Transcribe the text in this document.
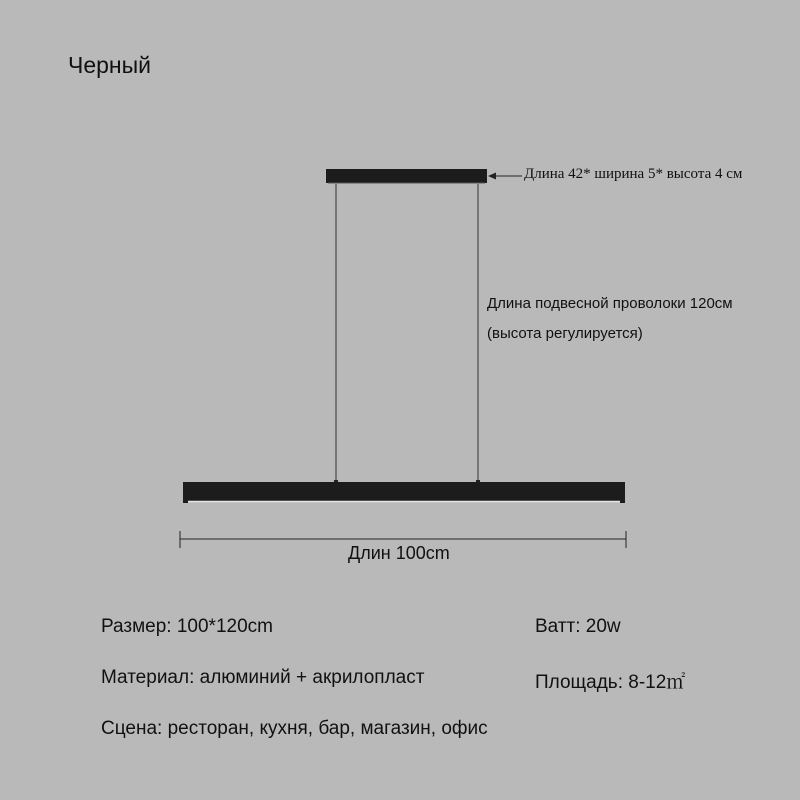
Черный
Длина 42* ширина 5* высота 4 см
Длина подвесной проволоки 120см
(высота регулируется)
Длин 100cm
Размер: 100*120cm	Ватт: 20w
Материал: алюминий + акрилопласт	Площадь: 8-12㎡
Сцена: ресторан, кухня, бар, магазин, офис
